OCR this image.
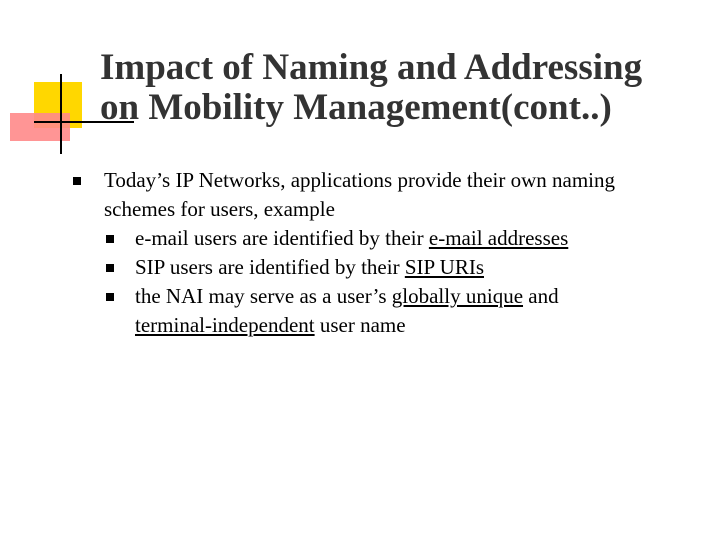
Impact of Naming and Addressing
on Mobility Management(cont..)
Today’s IP Networks, applications provide their own naming
schemes for users, example
e-mail users are identified by their e-mail addresses
SIP users are identified by their SIP URIs
the NAI may serve as a user’s globally unique and
terminal-independent user name
